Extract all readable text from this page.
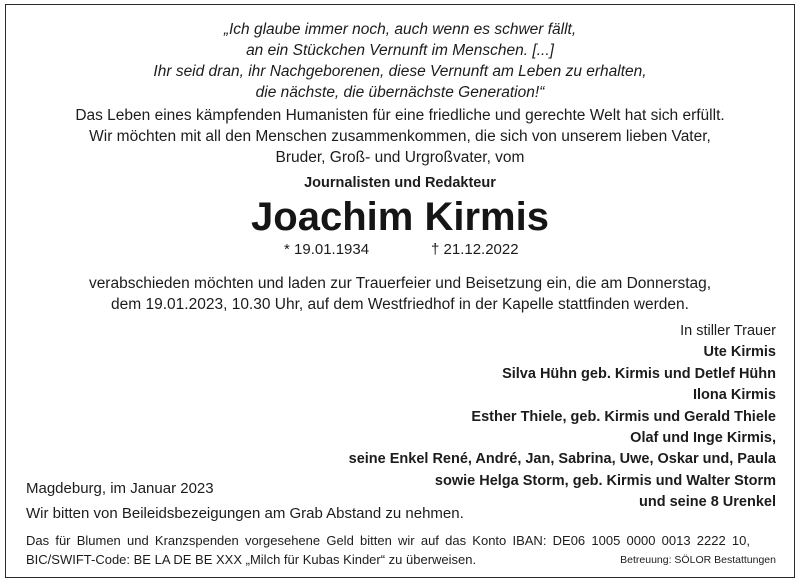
„Ich glaube immer noch, auch wenn es schwer fällt,
an ein Stückchen Vernunft im Menschen. [...]
Ihr seid dran, ihr Nachgeborenen, diese Vernunft am Leben zu erhalten,
die nächste, die übernächste Generation!“
Das Leben eines kämpfenden Humanisten für eine friedliche und gerechte Welt hat sich erfüllt.
Wir möchten mit all den Menschen zusammenkommen, die sich von unserem lieben Vater,
Bruder, Groß- und Urgroßvater, vom
Journalisten und Redakteur
Joachim Kirmis
* 19.01.1934	† 21.12.2022
verabschieden möchten und laden zur Trauerfeier und Beisetzung ein, die am Donnerstag,
dem 19.01.2023, 10.30 Uhr, auf dem Westfriedhof in der Kapelle stattfinden werden.
In stiller Trauer
Ute Kirmis
Silva Hühn geb. Kirmis und Detlef Hühn
Ilona Kirmis
Esther Thiele, geb. Kirmis und Gerald Thiele
Olaf und Inge Kirmis,
seine Enkel René, André, Jan, Sabrina, Uwe, Oskar und, Paula
sowie Helga Storm, geb. Kirmis und Walter Storm
und seine 8 Urenkel
Magdeburg, im Januar 2023
Wir bitten von Beileidsbezeigungen am Grab Abstand zu nehmen.
Das für Blumen und Kranzspenden vorgesehene Geld bitten wir auf das Konto IBAN: DE06 1005 0000 0013 2222 10,
BIC/SWIFT-Code: BE LA DE BE XXX „Milch für Kubas Kinder“ zu überweisen.	Betreuung: SÖLOR Bestattungen
